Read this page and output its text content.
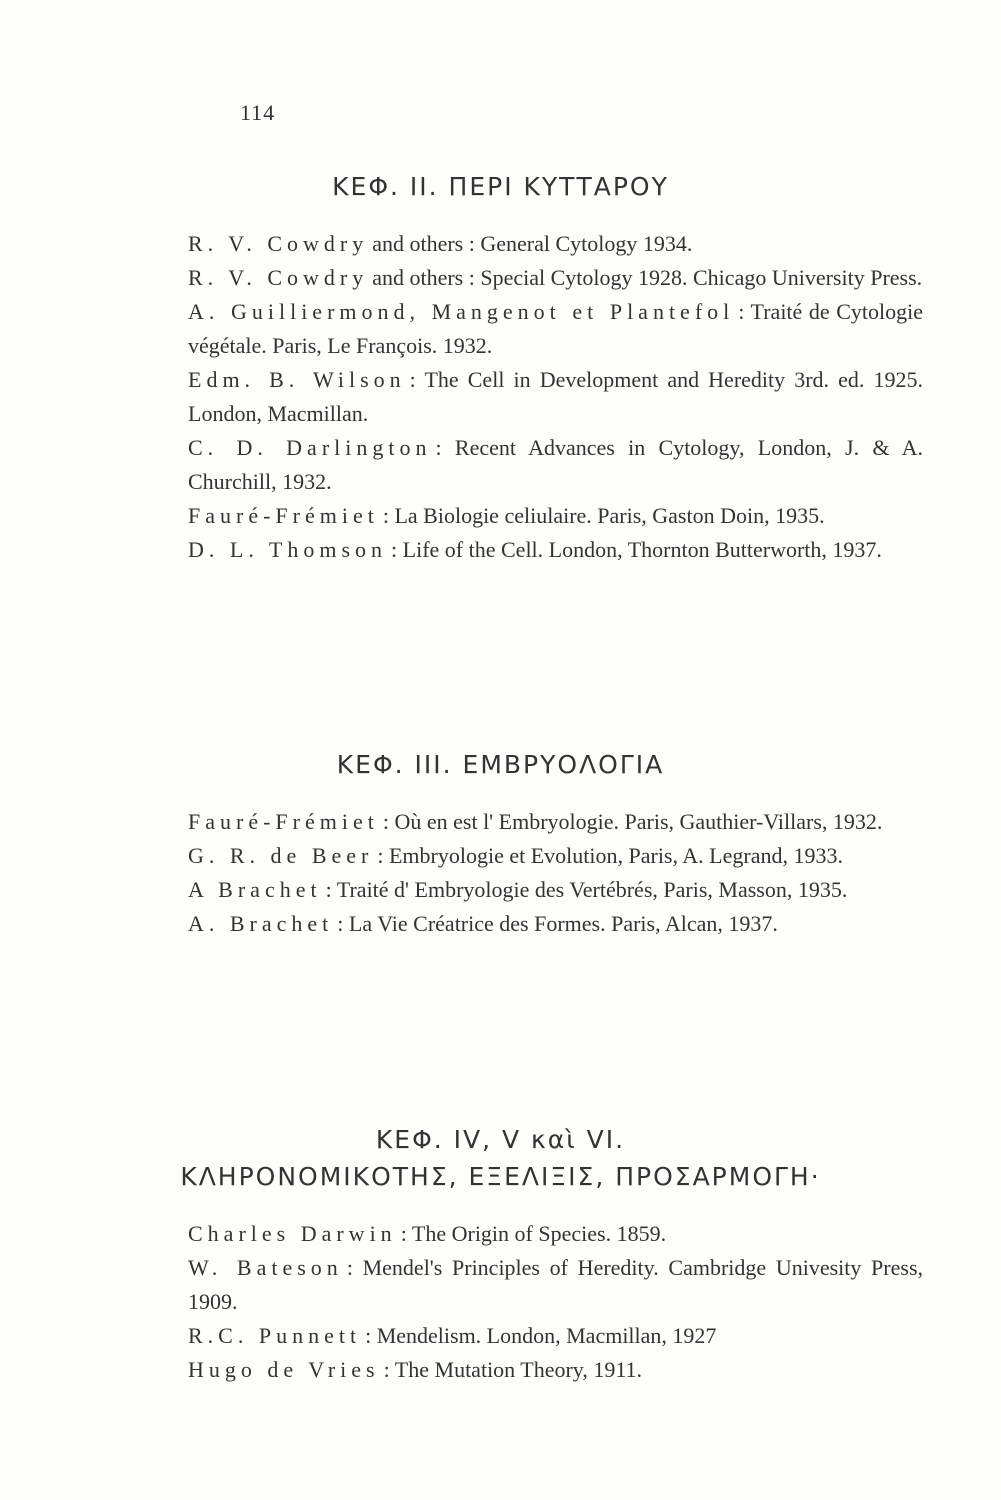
114
ΚΕΦ. ΙΙ. ΠΕΡΙ ΚΥΤΤΑΡΟΥ
R. V. Cowdry and others : General Cytology 1934.
R. V. Cowdry and others : Special Cytology 1928. Chicago University Press.
A. Guilliermond, Mangenot et Plantefol : Traité de Cytologie végétale. Paris, Le François. 1932.
Edm. B. Wilson : The Cell in Development and Heredity 3rd. ed. 1925. London, Macmillan.
C. D. Darlington : Recent Advances in Cytology, London, J. & A. Churchill, 1932.
Fauré-Frémiet : La Biologie celiulaire. Paris, Gaston Doin, 1935.
D. L. Thomson : Life of the Cell. London, Thornton Butterworth, 1937.
ΚΕΦ. ΙΙΙ. ΕΜΒΡΥΟΛΟΓΙΑ
Fauré-Frémiet : Où en est l' Embryologie. Paris, Gauthier-Villars, 1932.
G. R. de Beer : Embryologie et Evolution, Paris, A. Legrand, 1933.
A Brachet : Traité d' Embryologie des Vertébrés, Paris, Masson, 1935.
A. Brachet : La Vie Créatrice des Formes. Paris, Alcan, 1937.
ΚΕΦ. IV, V καὶ VI.
ΚΛΗΡΟΝΟΜΙΚΟΤΗΣ, ΕΞΕΛΙΞΙΣ, ΠΡΟΣΑΡΜΟΓΗ·
Charles Darwin : The Origin of Species. 1859.
W. Bateson : Mendel's Principles of Heredity. Cambridge Univesity Press, 1909.
R.C. Punnett : Mendelism. London, Macmillan, 1927
Hugo de Vries : The Mutation Theory, 1911.
